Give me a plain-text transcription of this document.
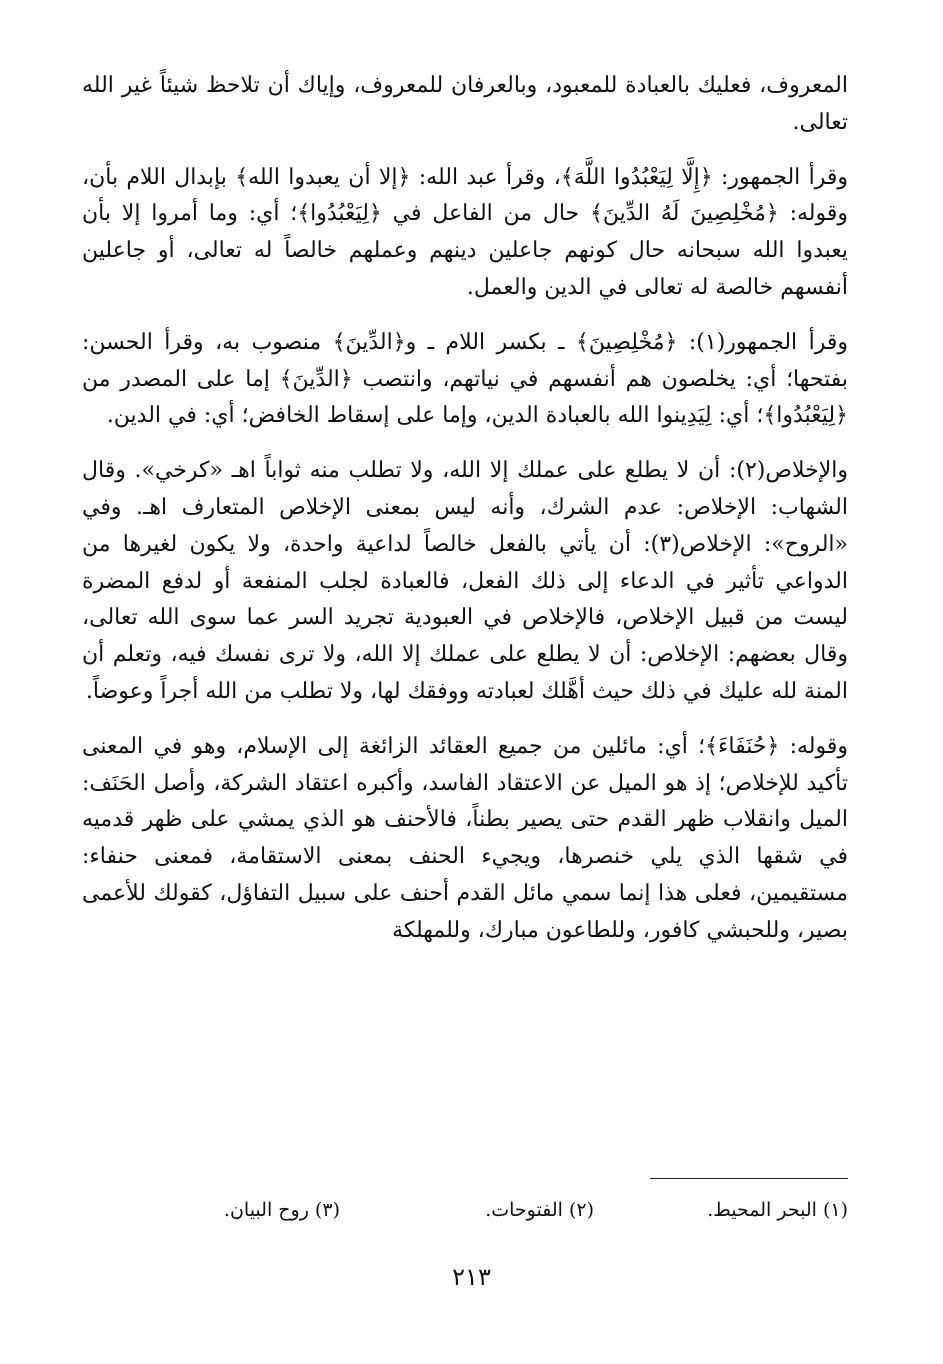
المعروف، فعليك بالعبادة للمعبود، وبالعرفان للمعروف، وإياك أن تلاحظ شيئاً غير الله تعالى.

وقرأ الجمهور: ﴿إِلَّا لِيَعْبُدُوا اللَّهَ﴾، وقرأ عبد الله: ﴿إلا أن يعبدوا الله﴾ بإبدال اللام بأن، وقوله: ﴿مُخْلِصِينَ لَهُ الدِّينَ﴾ حال من الفاعل في ﴿لِيَعْبُدُوا﴾؛ أي: وما أمروا إلا بأن يعبدوا الله سبحانه حال كونهم جاعلين دينهم وعملهم خالصاً له تعالى، أو جاعلين أنفسهم خالصة له تعالى في الدين والعمل.

وقرأ الجمهور(١): ﴿مُخْلِصِينَ﴾ ـ بكسر اللام ـ و﴿الدِّينَ﴾ منصوب به، وقرأ الحسن: بفتحها؛ أي: يخلصون هم أنفسهم في نياتهم، وانتصب ﴿الدِّينَ﴾ إما على المصدر من ﴿لِيَعْبُدُوا﴾؛ أي: لِيَدِينوا الله بالعبادة الدين، وإما على إسقاط الخافض؛ أي: في الدين.

والإخلاص(٢): أن لا يطلع على عملك إلا الله، ولا تطلب منه ثواباً اهـ «كرخي». وقال الشهاب: الإخلاص: عدم الشرك، وأنه ليس بمعنى الإخلاص المتعارف اهـ. وفي «الروح»: الإخلاص(٣): أن يأتي بالفعل خالصاً لداعية واحدة، ولا يكون لغيرها من الدواعي تأثير في الدعاء إلى ذلك الفعل، فالعبادة لجلب المنفعة أو لدفع المضرة ليست من قبيل الإخلاص، فالإخلاص في العبودية تجريد السر عما سوى الله تعالى، وقال بعضهم: الإخلاص: أن لا يطلع على عملك إلا الله، ولا ترى نفسك فيه، وتعلم أن المنة لله عليك في ذلك حيث أهَّلك لعبادته ووفقك لها، ولا تطلب من الله أجراً وعوضاً.

وقوله: ﴿حُنَفَاءَ﴾؛ أي: مائلين من جميع العقائد الزائغة إلى الإسلام، وهو في المعنى تأكيد للإخلاص؛ إذ هو الميل عن الاعتقاد الفاسد، وأكبره اعتقاد الشركة، وأصل الحَنَف: الميل وانقلاب ظهر القدم حتى يصير بطناً، فالأحنف هو الذي يمشي على ظهر قدميه في شقها الذي يلي خنصرها، ويجيء الحنف بمعنى الاستقامة، فمعنى حنفاء: مستقيمين، فعلى هذا إنما سمي مائل القدم أحنف على سبيل التفاؤل، كقولك للأعمى بصير، وللحبشي كافور، وللطاعون مبارك، وللمهلكة

(١) البحر المحيط.
(٢) الفتوحات.
(٣) روح البيان.
٢١٣
